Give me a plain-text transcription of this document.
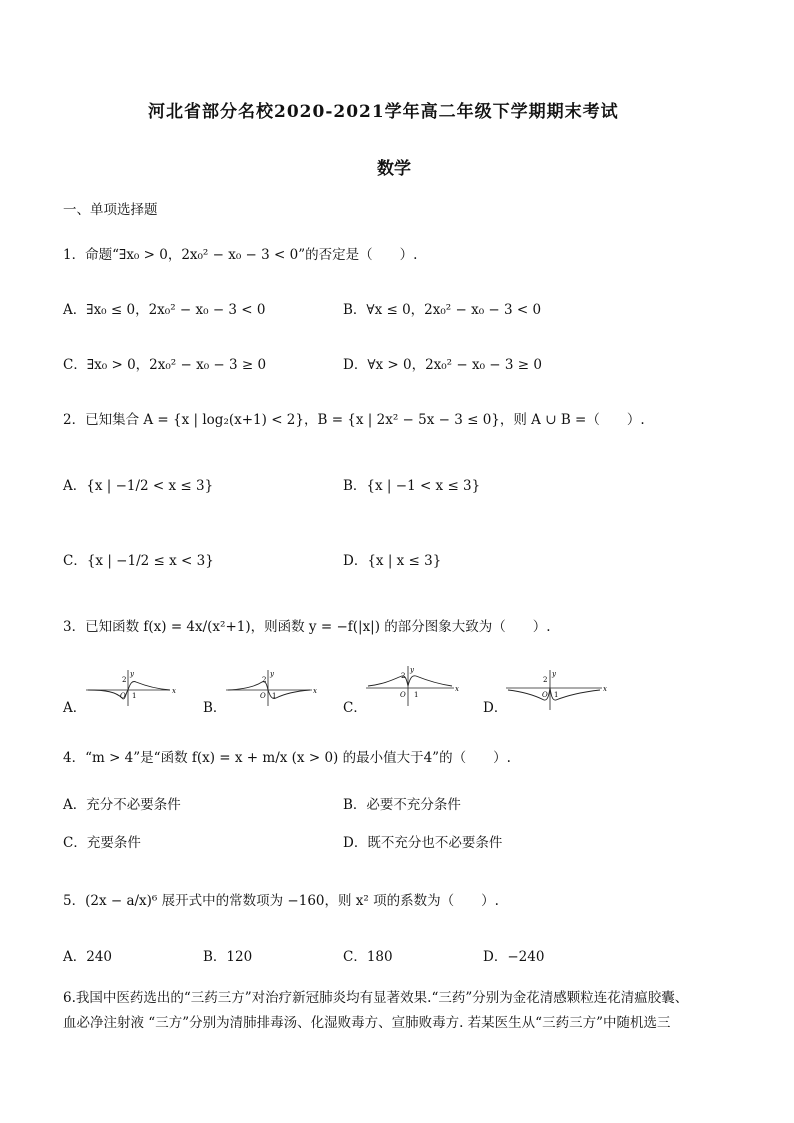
河北省部分名校2020-2021学年高二年级下学期期末考试
数学
一、单项选择题
1．命题“∃x₀ > 0，2x₀² − x₀ − 3 < 0”的否定是（　　）.
A．∃x₀ ≤ 0，2x₀² − x₀ − 3 < 0	B．∀x ≤ 0，2x₀² − x₀ − 3 < 0
C．∃x₀ > 0，2x₀² − x₀ − 3 ≥ 0	D．∀x > 0，2x₀² − x₀ − 3 ≥ 0
2．已知集合 A = {x | log₂(x+1) < 2}，B = {x | 2x² − 5x − 3 ≤ 0}，则 A ∪ B =（　　）.
A．{x | −1/2 < x ≤ 3}	B．{x | −1 < x ≤ 3}
C．{x | −1/2 ≤ x < 3}	D．{x | x ≤ 3}
3．已知函数 f(x) = 4x/(x²+1)，则函数 y = −f(|x|) 的部分图象大致为（　　）.
A．
y
x
2
O 1
B．
y
x
2
O 1
C．
y
x
2
O 1
D．
y
x
2
O 1
4．“m > 4”是“函数 f(x) = x + m/x (x > 0) 的最小值大于4”的（　　）.
A．充分不必要条件	B．必要不充分条件
C．充要条件	D．既不充分也不必要条件
5．(2x − a/x)⁶ 展开式中的常数项为 −160，则 x² 项的系数为（　　）.
A．240	B．120	C．180	D．−240
6.我国中医药选出的“三药三方”对治疗新冠肺炎均有显著效果.“三药”分别为金花清感颗粒连花清瘟胶囊、
血必净注射液 “三方”分别为清肺排毒汤、化湿败毒方、宣肺败毒方. 若某医生从“三药三方”中随机选三
